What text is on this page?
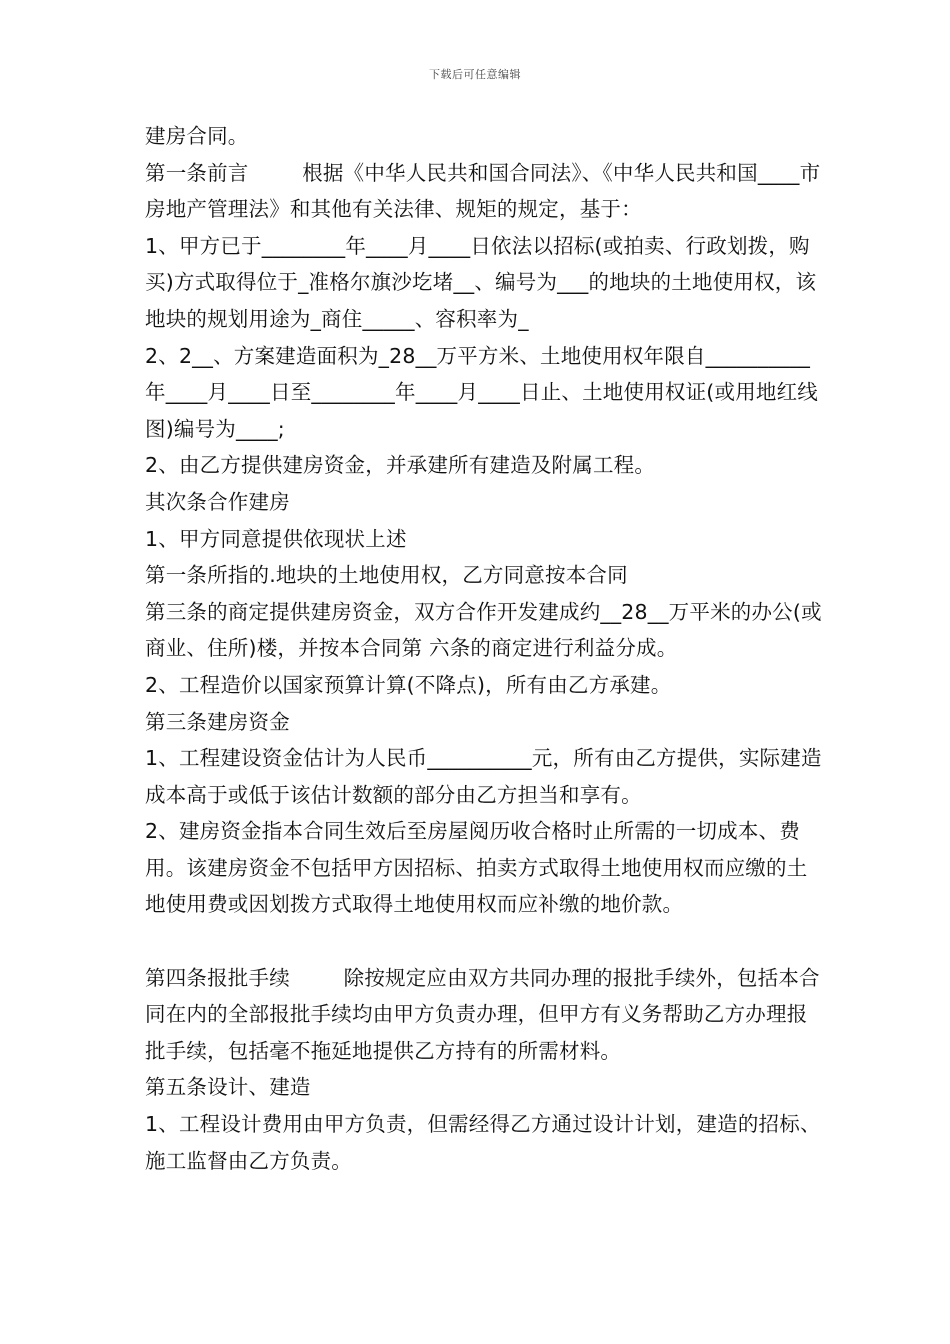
下载后可任意编辑

建房合同。

第一条前言        根据《中华人民共和国合同法》、《中华人民共和国____市房地产管理法》和其他有关法律、规矩的规定，基于：

1、甲方已于________年____月____日依法以招标(或拍卖、行政划拨，购买)方式取得位于_准格尔旗沙圪堵__、编号为___的地块的土地使用权，该地块的规划用途为_商住_____、容积率为_

2、2__、方案建造面积为_28__万平方米、土地使用权年限自__________年____月____日至________年____月____日止、土地使用权证(或用地红线图)编号为____;

2、由乙方提供建房资金，并承建所有建造及附属工程。

其次条合作建房

1、甲方同意提供依现状上述

第一条所指的.地块的土地使用权，乙方同意按本合同

第三条的商定提供建房资金，双方合作开发建成约__28__万平米的办公(或商业、住所)楼，并按本合同第 六条的商定进行利益分成。

2、工程造价以国家预算计算(不降点)，所有由乙方承建。

第三条建房资金

1、工程建设资金估计为人民币__________元，所有由乙方提供，实际建造成本高于或低于该估计数额的部分由乙方担当和享有。

2、建房资金指本合同生效后至房屋阅历收合格时止所需的一切成本、费用。该建房资金不包括甲方因招标、拍卖方式取得土地使用权而应缴的土地使用费或因划拨方式取得土地使用权而应补缴的地价款。

第四条报批手续        除按规定应由双方共同办理的报批手续外，包括本合同在内的全部报批手续均由甲方负责办理，但甲方有义务帮助乙方办理报批手续，包括毫不拖延地提供乙方持有的所需材料。

第五条设计、建造

1、工程设计费用由甲方负责，但需经得乙方通过设计计划，建造的招标、施工监督由乙方负责。
